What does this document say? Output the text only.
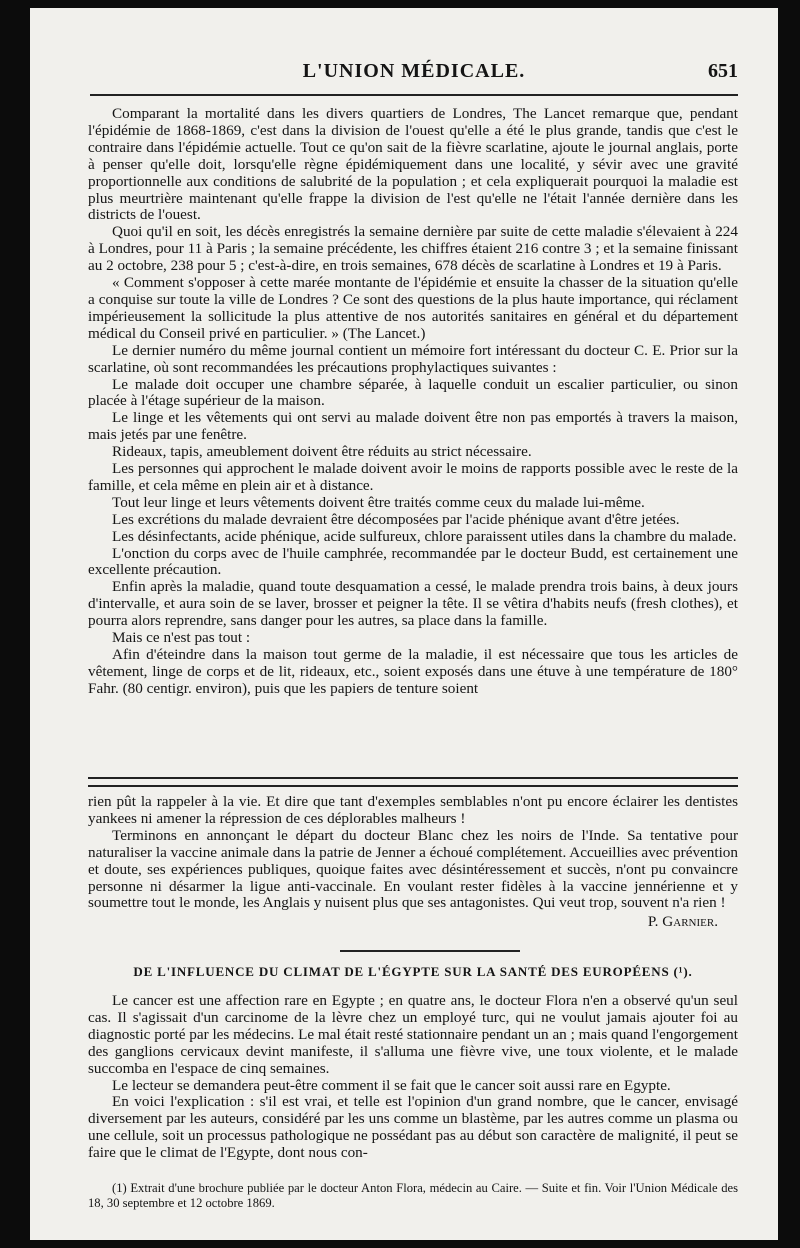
L'UNION MÉDICALE.	651

Comparant la mortalité dans les divers quartiers de Londres, The Lancet remarque que, pendant l'épidémie de 1868-1869, c'est dans la division de l'ouest qu'elle a été le plus grande, tandis que c'est le contraire dans l'épidémie actuelle. Tout ce qu'on sait de la fièvre scarlatine, ajoute le journal anglais, porte à penser qu'elle doit, lorsqu'elle règne épidémiquement dans une localité, y sévir avec une gravité proportionnelle aux conditions de salubrité de la population ; et cela expliquerait pourquoi la maladie est plus meurtrière maintenant qu'elle frappe la division de l'est qu'elle ne l'était l'année dernière dans les districts de l'ouest.

Quoi qu'il en soit, les décès enregistrés la semaine dernière par suite de cette maladie s'élevaient à 224 à Londres, pour 11 à Paris ; la semaine précédente, les chiffres étaient 216 contre 3 ; et la semaine finissant au 2 octobre, 238 pour 5 ; c'est-à-dire, en trois semaines, 678 décès de scarlatine à Londres et 19 à Paris.

« Comment s'opposer à cette marée montante de l'épidémie et ensuite la chasser de la situation qu'elle a conquise sur toute la ville de Londres ? Ce sont des questions de la plus haute importance, qui réclament impérieusement la sollicitude la plus attentive de nos autorités sanitaires en général et du département médical du Conseil privé en particulier. » (The Lancet.)

Le dernier numéro du même journal contient un mémoire fort intéressant du docteur C. E. Prior sur la scarlatine, où sont recommandées les précautions prophylactiques suivantes :

Le malade doit occuper une chambre séparée, à laquelle conduit un escalier particulier, ou sinon placée à l'étage supérieur de la maison.

Le linge et les vêtements qui ont servi au malade doivent être non pas emportés à travers la maison, mais jetés par une fenêtre.

Rideaux, tapis, ameublement doivent être réduits au strict nécessaire.

Les personnes qui approchent le malade doivent avoir le moins de rapports possible avec le reste de la famille, et cela même en plein air et à distance.

Tout leur linge et leurs vêtements doivent être traités comme ceux du malade lui-même.

Les excrétions du malade devraient être décomposées par l'acide phénique avant d'être jetées.

Les désinfectants, acide phénique, acide sulfureux, chlore paraissent utiles dans la chambre du malade.

L'onction du corps avec de l'huile camphrée, recommandée par le docteur Budd, est certainement une excellente précaution.

Enfin après la maladie, quand toute desquamation a cessé, le malade prendra trois bains, à deux jours d'intervalle, et aura soin de se laver, brosser et peigner la tête. Il se vêtira d'habits neufs (fresh clothes), et pourra alors reprendre, sans danger pour les autres, sa place dans la famille.

Mais ce n'est pas tout :

Afin d'éteindre dans la maison tout germe de la maladie, il est nécessaire que tous les articles de vêtement, linge de corps et de lit, rideaux, etc., soient exposés dans une étuve à une température de 180° Fahr. (80 centigr. environ), puis que les papiers de tenture soient

rien pût la rappeler à la vie. Et dire que tant d'exemples semblables n'ont pu encore éclairer les dentistes yankees ni amener la répression de ces déplorables malheurs !

Terminons en annonçant le départ du docteur Blanc chez les noirs de l'Inde. Sa tentative pour naturaliser la vaccine animale dans la patrie de Jenner a échoué complétement. Accueillies avec prévention et doute, ses expériences publiques, quoique faites avec désintéressement et succès, n'ont pu convaincre personne ni désarmer la ligue anti-vaccinale. En voulant rester fidèles à la vaccine jennérienne et y soumettre tout le monde, les Anglais y nuisent plus que ses antagonistes. Qui veut trop, souvent n'a rien !

P. Garnier.
DE L'INFLUENCE DU CLIMAT DE L'ÉGYPTE SUR LA SANTÉ DES EUROPÉENS (¹).

Le cancer est une affection rare en Egypte ; en quatre ans, le docteur Flora n'en a observé qu'un seul cas. Il s'agissait d'un carcinome de la lèvre chez un employé turc, qui ne voulut jamais ajouter foi au diagnostic porté par les médecins. Le mal était resté stationnaire pendant un an ; mais quand l'engorgement des ganglions cervicaux devint manifeste, il s'alluma une fièvre vive, une toux violente, et le malade succomba en l'espace de cinq semaines.

Le lecteur se demandera peut-être comment il se fait que le cancer soit aussi rare en Egypte.

En voici l'explication : s'il est vrai, et telle est l'opinion d'un grand nombre, que le cancer, envisagé diversement par les auteurs, considéré par les uns comme un blastème, par les autres comme un plasma ou une cellule, soit un processus pathologique ne possédant pas au début son caractère de malignité, il peut se faire que le climat de l'Egypte, dont nous con-

(1) Extrait d'une brochure publiée par le docteur Anton Flora, médecin au Caire. — Suite et fin. Voir l'Union Médicale des 18, 30 septembre et 12 octobre 1869.
